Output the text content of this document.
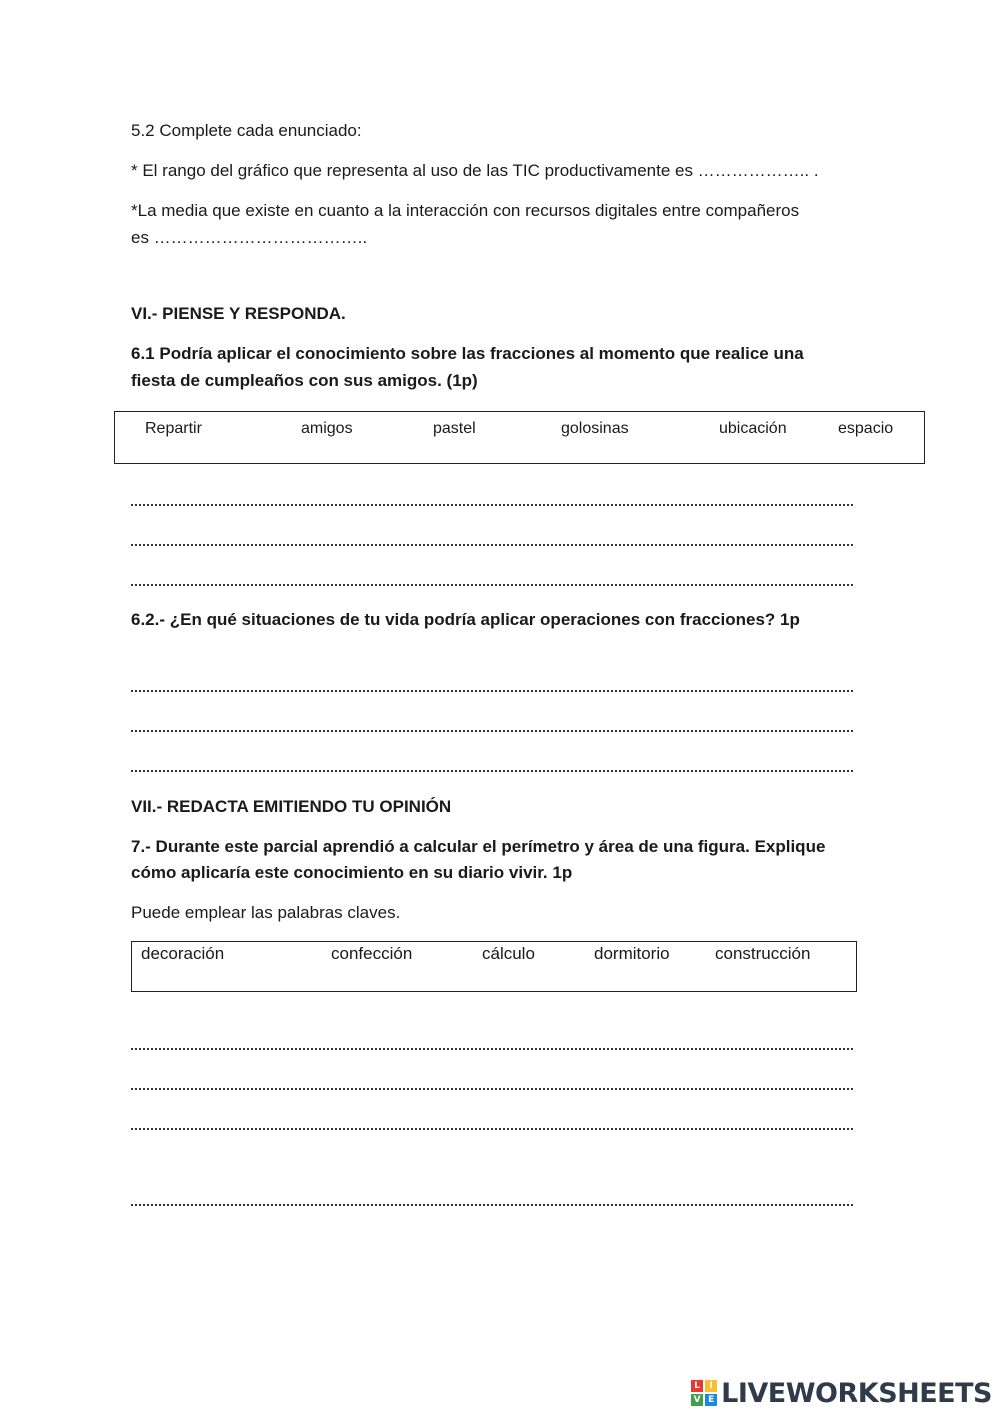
5.2 Complete cada enunciado:
* El rango del gráfico que representa al uso de las TIC productivamente es ……………….. .
*La media que existe en cuanto a la interacción con recursos digitales entre compañeros
es ………………………………..
VI.- PIENSE Y RESPONDA.
6.1 Podría aplicar el conocimiento sobre las fracciones al momento que realice una
fiesta de cumpleaños con sus amigos. (1p)
Repartir	amigos	pastel	golosinas	ubicación	espacio
6.2.- ¿En qué situaciones de tu vida podría aplicar operaciones con fracciones? 1p
VII.- REDACTA EMITIENDO TU OPINIÓN
7.- Durante este parcial aprendió a calcular el perímetro y área de una figura. Explique
cómo aplicaría este conocimiento en su diario vivir. 1p
Puede emplear las palabras claves.
decoración	confección	cálculo	dormitorio	construcción
L	I
V E LIVEWORKSHEETS
